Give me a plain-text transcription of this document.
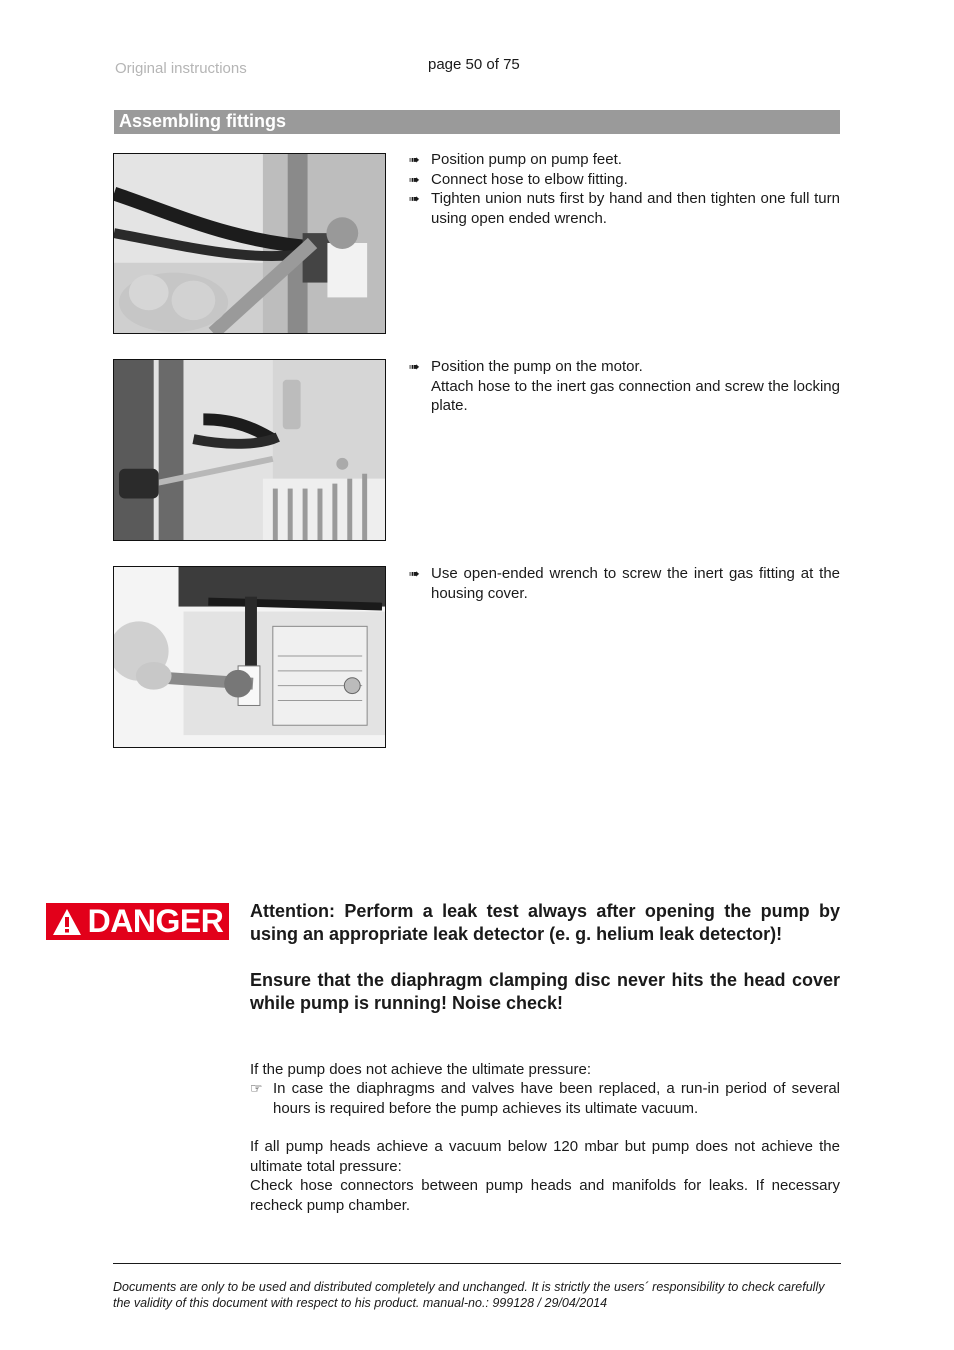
Original instructions	page 50 of 75
Assembling fittings
➠ Position pump on pump feet.
➠ Connect hose to elbow fitting.
➠ Tighten union nuts first by hand and then tighten one full turn using open ended wrench.
➠ Position the pump on the motor.
Attach hose to the inert gas connection and screw the locking plate.
➠ Use open-ended wrench to screw the inert gas fitting at the housing cover.
DANGER Attention: Perform a leak test always after opening the pump by using an appropriate leak detector (e. g. helium leak detector)!
Ensure that the diaphragm clamping disc never hits the head cover while pump is running! Noise check!
If the pump does not achieve the ultimate pressure:
☞ In case the diaphragms and valves have been replaced, a run-in period of several hours is required before the pump achieves its ultimate vacuum.
If all pump heads achieve a vacuum below 120 mbar but pump does not achieve the ultimate total pressure:
Check hose connectors between pump heads and manifolds for leaks. If necessary recheck pump chamber.
Documents are only to be used and distributed completely and unchanged. It is strictly the users´ responsibility to check carefully the validity of this document with respect to his product. manual-no.: 999128 / 29/04/2014
